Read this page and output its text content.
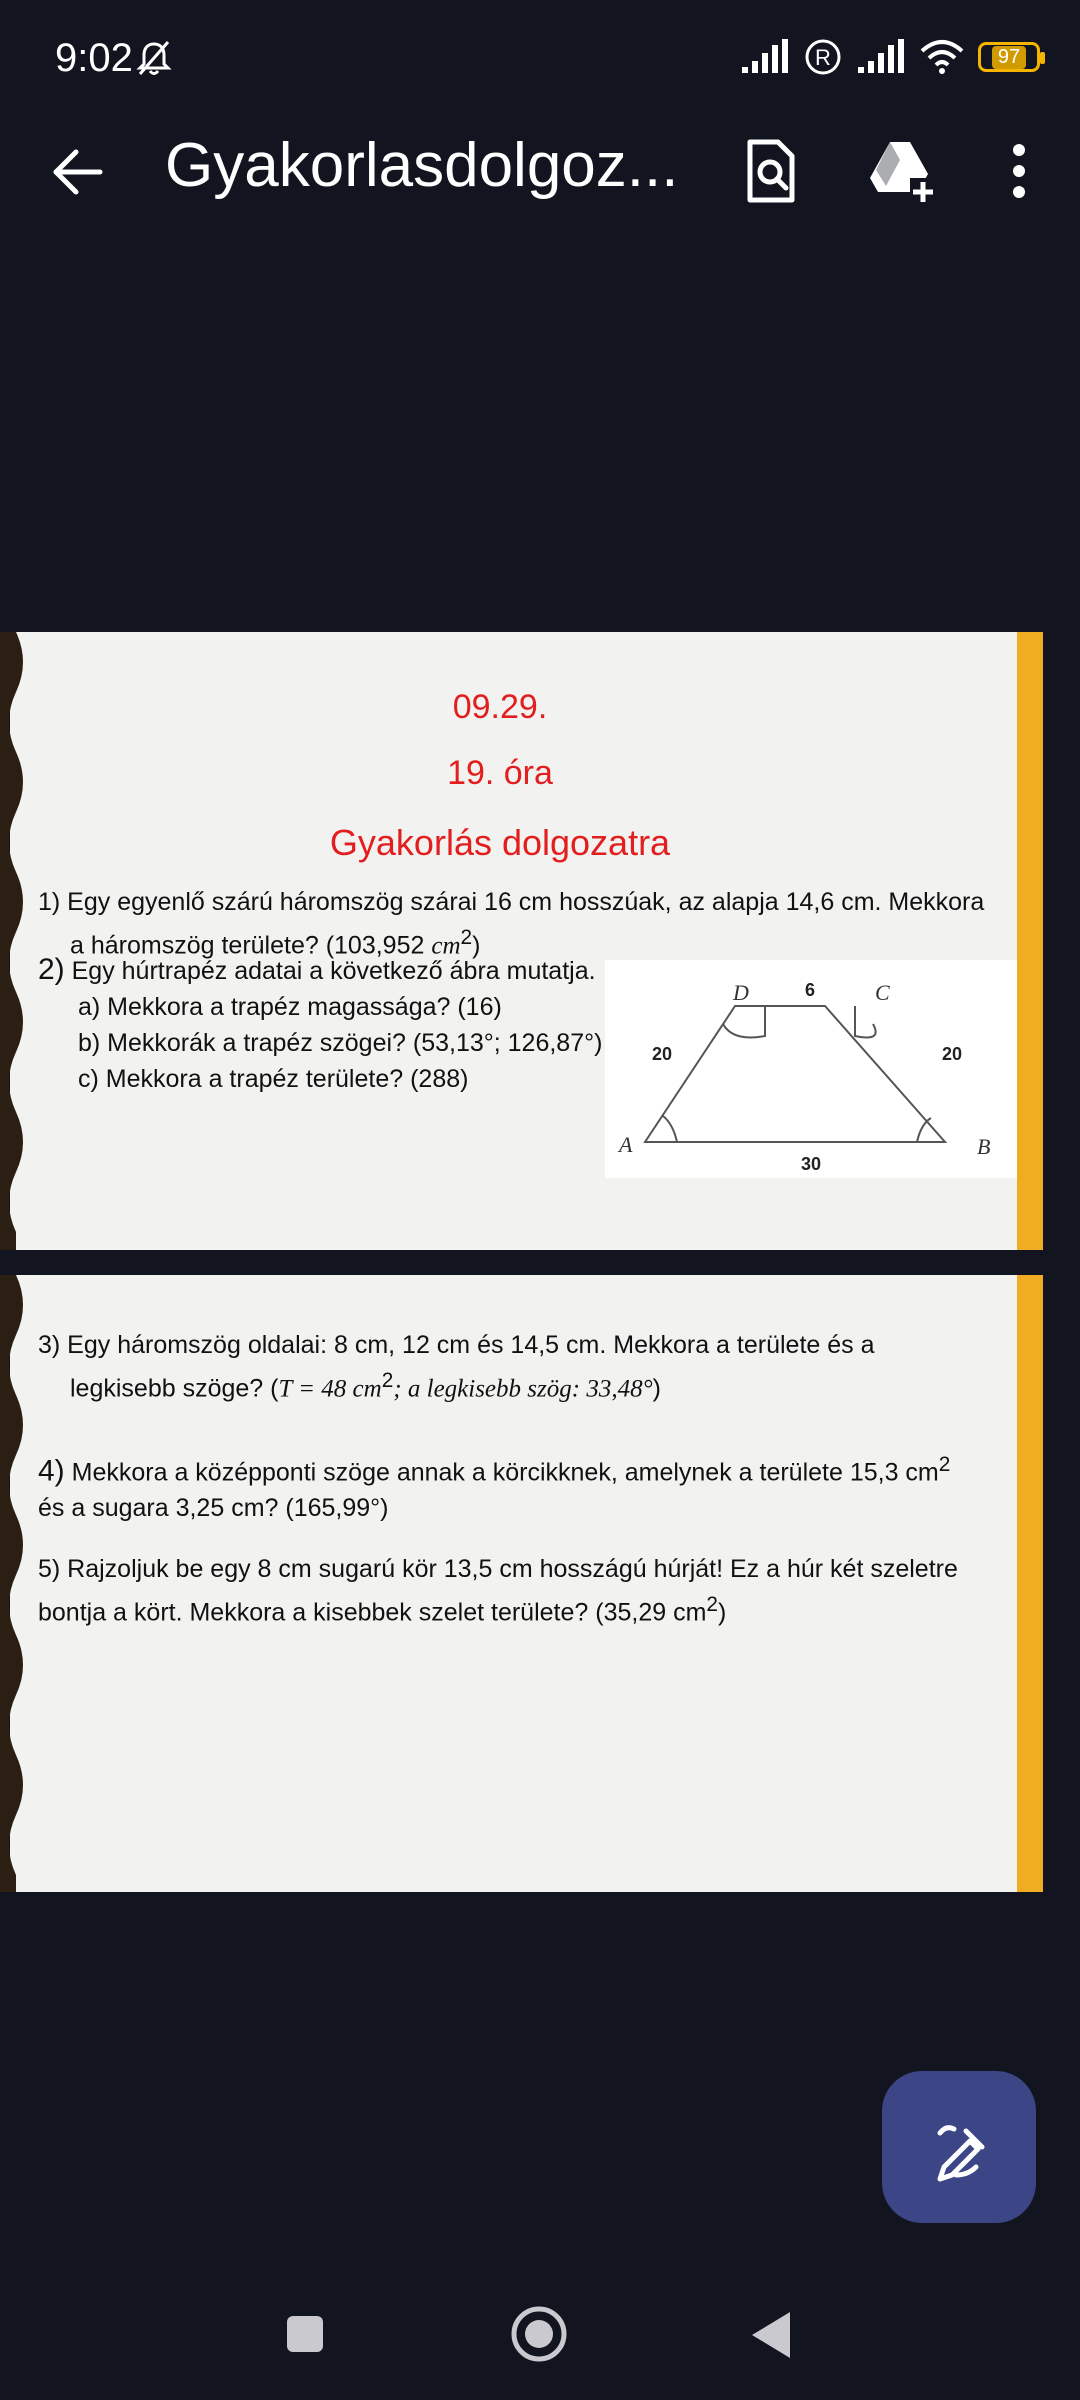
9:02	R	97
Gyakorlasdolgoz...
09.29.
19. óra
Gyakorlás dolgozatra
1) Egy egyenlő szárú háromszög szárai 16 cm hosszúak, az alapja 14,6 cm. Mekkora
a háromszög területe? (103,952 $cm^2$)
2) Egy húrtrapéz adatai a következő ábra mutatja.
a) Mekkora a trapéz magassága? (16)
b) Mekkorák a trapéz szögei? (53,13°; 126,87°)
c) Mekkora a trapéz területe? (288)
D	C
A	B
6
30
20	20
3) Egy háromszög oldalai: 8 cm, 12 cm és 14,5 cm. Mekkora a területe és a
legkisebb szöge? (T = 48 $cm^2$; a legkisebb szög: 33,48°)
4) Mekkora a középponti szöge annak a körcikknek, amelynek a területe 15,3 $cm^2$
és a sugara 3,25 cm? (165,99°)
5) Rajzoljuk be egy 8 cm sugarú kör 13,5 cm hosszágú húrját! Ez a húr két szeletre
bontja a kört. Mekkora a kisebbek szelet területe? (35,29 $cm^2$)
